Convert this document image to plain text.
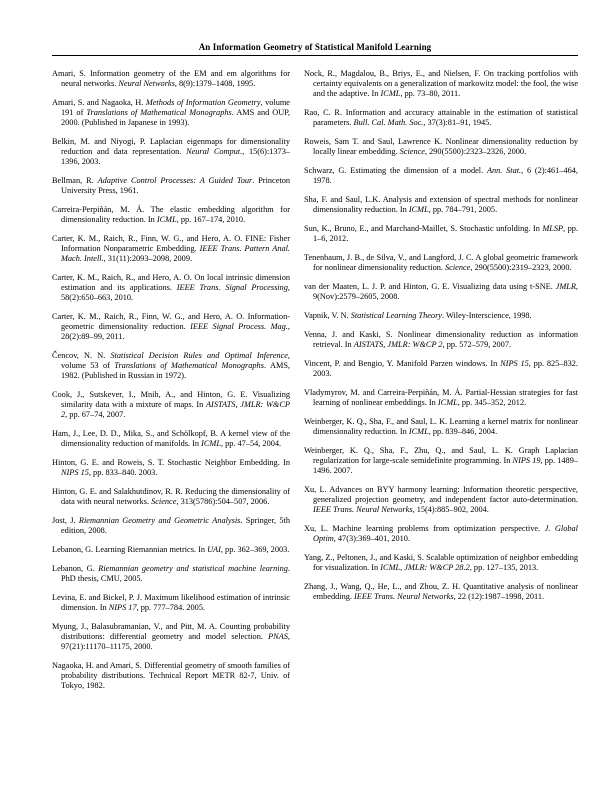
An Information Geometry of Statistical Manifold Learning

Amari, S. Information geometry of the EM and em algorithms for neural networks. Neural Networks, 8(9):1379–1408, 1995.

Amari, S. and Nagaoka, H. Methods of Information Geometry, volume 191 of Translations of Mathematical Monographs. AMS and OUP, 2000. (Published in Japanese in 1993).

Belkin, M. and Niyogi, P. Laplacian eigenmaps for dimensionality reduction and data representation. Neural Comput., 15(6):1373–1396, 2003.

Bellman, R. Adaptive Control Processes: A Guided Tour. Princeton University Press, 1961.

Carreira-Perpiñán, M. Á. The elastic embedding algorithm for dimensionality reduction. In ICML, pp. 167–174, 2010.

Carter, K. M., Raich, R., Finn, W. G., and Hero, A. O. FINE: Fisher Information Nonparametric Embedding. IEEE Trans. Pattern Anal. Mach. Intell., 31(11):2093–2098, 2009.

Carter, K. M., Raich, R., and Hero, A. O. On local intrinsic dimension estimation and its applications. IEEE Trans. Signal Processing, 58(2):650–663, 2010.

Carter, K. M., Raich, R., Finn, W. G., and Hero, A. O. Information-geometric dimensionality reduction. IEEE Signal Process. Mag., 28(2):89–99, 2011.

Čencov, N. N. Statistical Decision Rules and Optimal Inference, volume 53 of Translations of Mathematical Monographs. AMS, 1982. (Published in Russian in 1972).

Cook, J., Sutskever, I., Mnih, A., and Hinton, G. E. Visualizing similarity data with a mixture of maps. In AISTATS, JMLR: W&CP 2, pp. 67–74, 2007.

Ham, J., Lee, D. D., Mika, S., and Schölkopf, B. A kernel view of the dimensionality reduction of manifolds. In ICML, pp. 47–54, 2004.

Hinton, G. E. and Roweis, S. T. Stochastic Neighbor Embedding. In NIPS 15, pp. 833–840. 2003.

Hinton, G. E. and Salakhutdinov, R. R. Reducing the dimensionality of data with neural networks. Science, 313(5786):504–507, 2006.

Jost, J. Riemannian Geometry and Geometric Analysis. Springer, 5th edition, 2008.

Lebanon, G. Learning Riemannian metrics. In UAI, pp. 362–369, 2003.

Lebanon, G. Riemannian geometry and statistical machine learning. PhD thesis, CMU, 2005.

Levina, E. and Bickel, P. J. Maximum likelihood estimation of intrinsic dimension. In NIPS 17, pp. 777–784. 2005.

Myung, J., Balasubramanian, V., and Pitt, M. A. Counting probability distributions: differential geometry and model selection. PNAS, 97(21):11170–11175, 2000.

Nagaoka, H. and Amari, S. Differential geometry of smooth families of probability distributions. Technical Report METR 82-7, Univ. of Tokyo, 1982.

Nock, R., Magdalou, B., Briys, E., and Nielsen, F. On tracking portfolios with certainty equivalents on a generalization of markowitz model: the fool, the wise and the adaptive. In ICML, pp. 73–80, 2011.

Rao, C. R. Information and accuracy attainable in the estimation of statistical parameters. Bull. Cal. Math. Soc., 37(3):81–91, 1945.

Roweis, Sam T. and Saul, Lawrence K. Nonlinear dimensionality reduction by locally linear embedding. Science, 290(5500):2323–2326, 2000.

Schwarz, G. Estimating the dimension of a model. Ann. Stat., 6 (2):461–464, 1978.

Sha, F. and Saul, L.K. Analysis and extension of spectral methods for nonlinear dimensionality reduction. In ICML, pp. 784–791, 2005.

Sun, K., Bruno, E., and Marchand-Maillet, S. Stochastic unfolding. In MLSP, pp. 1–6, 2012.

Tenenbaum, J. B., de Silva, V., and Langford, J. C. A global geometric framework for nonlinear dimensionality reduction. Science, 290(5500):2319–2323, 2000.

van der Maaten, L. J. P. and Hinton, G. E. Visualizing data using t-SNE. JMLR, 9(Nov):2579–2605, 2008.

Vapnik, V. N. Statistical Learning Theory. Wiley-Interscience, 1998.

Venna, J. and Kaski, S. Nonlinear dimensionality reduction as information retrieval. In AISTATS, JMLR: W&CP 2, pp. 572–579, 2007.

Vincent, P. and Bengio, Y. Manifold Parzen windows. In NIPS 15, pp. 825–832. 2003.

Vladymyrov, M. and Carreira-Perpiñán, M. Á. Partial-Hessian strategies for fast learning of nonlinear embeddings. In ICML, pp. 345–352, 2012.

Weinberger, K. Q., Sha, F., and Saul, L. K. Learning a kernel matrix for nonlinear dimensionality reduction. In ICML, pp. 839–846, 2004.

Weinberger, K. Q., Sha, F., Zhu, Q., and Saul, L. K. Graph Laplacian regularization for large-scale semidefinite programming. In NIPS 19, pp. 1489–1496. 2007.

Xu, L. Advances on BYY harmony learning: Information theoretic perspective, generalized projection geometry, and independent factor auto-determination. IEEE Trans. Neural Networks, 15(4):885–902, 2004.

Xu, L. Machine learning problems from optimization perspective. J. Global Optim, 47(3):369–401, 2010.

Yang, Z., Peltonen, J., and Kaski, S. Scalable optimization of neighbor embedding for visualization. In ICML, JMLR: W&CP 28.2, pp. 127–135, 2013.

Zhang, J., Wang, Q., He, L., and Zhou, Z. H. Quantitative analysis of nonlinear embedding. IEEE Trans. Neural Networks, 22 (12):1987–1998, 2011.
